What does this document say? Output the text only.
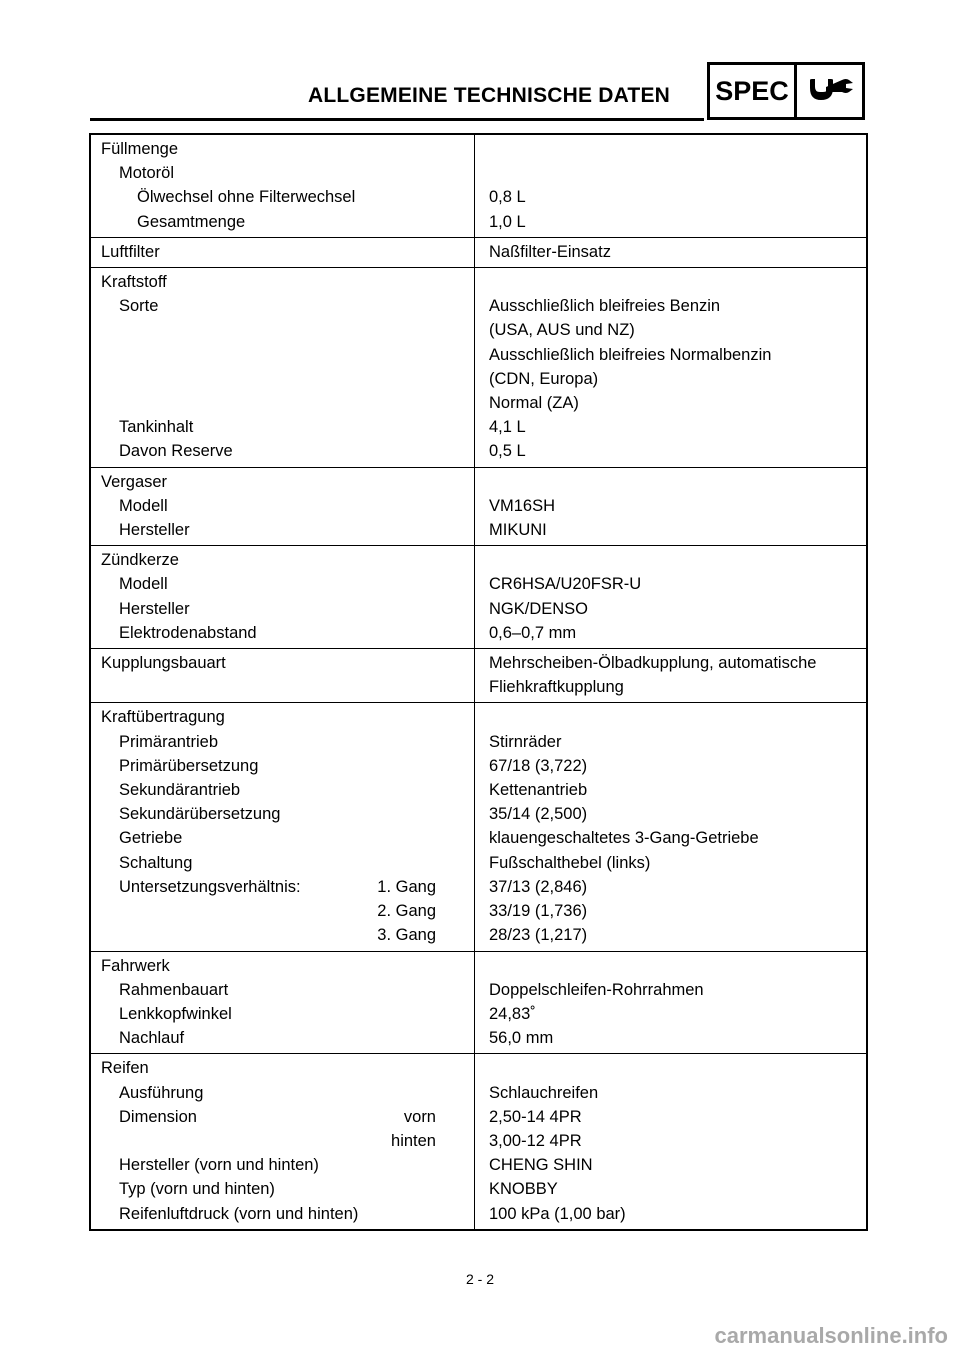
ALLGEMEINE TECHNISCHE DATEN SPEC
Füllmenge
Motoröl
Ölwechsel ohne Filterwechsel	0,8 L
Gesamtmenge	1,0 L
Luftfilter	Naßfilter-Einsatz
Kraftstoff
Sorte	Ausschließlich bleifreies Benzin
(USA, AUS und NZ)
Ausschließlich bleifreies Normalbenzin
(CDN, Europa)
Normal (ZA)
Tankinhalt	4,1 L
Davon Reserve	0,5 L
Vergaser
Modell	VM16SH
Hersteller	MIKUNI
Zündkerze
Modell	CR6HSA/U20FSR-U
Hersteller	NGK/DENSO
Elektrodenabstand	0,6–0,7 mm
Kupplungsbauart	Mehrscheiben-Ölbadkupplung, automatische
Fliehkraftkupplung
Kraftübertragung
Primärantrieb	Stirnräder
Primärübersetzung	67/18 (3,722)
Sekundärantrieb	Kettenantrieb
Sekundärübersetzung	35/14 (2,500)
Getriebe	klauengeschaltetes 3-Gang-Getriebe
Schaltung	Fußschalthebel (links)
Untersetzungsverhältnis:	1. Gang	37/13 (2,846)
2. Gang	33/19 (1,736)
3. Gang	28/23 (1,217)
Fahrwerk
Rahmenbauart	Doppelschleifen-Rohrrahmen
Lenkkopfwinkel	24,83˚
Nachlauf	56,0 mm
Reifen
Ausführung	Schlauchreifen
Dimension	vorn	2,50-14 4PR
hinten	3,00-12 4PR
Hersteller (vorn und hinten)	CHENG SHIN
Typ (vorn und hinten)	KNOBBY
Reifenluftdruck (vorn und hinten)	100 kPa (1,00 bar)
2 - 2
carmanualsonline.info
